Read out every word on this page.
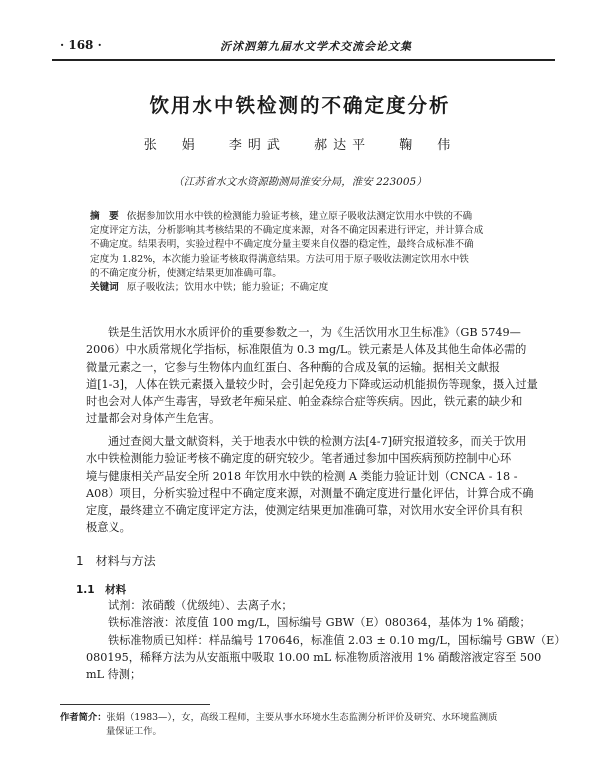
· 168 ·	沂沭泗第九届水文学术交流会论文集
饮用水中铁检测的不确定度分析
张　娟 李明武 郝达平 鞠　伟
（江苏省水文水资源勘测局淮安分局，淮安 223005）

摘　要 依据参加饮用水中铁的检测能力验证考核，建立原子吸收法测定饮用水中铁的不确

定度评定方法，分析影响其考核结果的不确定度来源，对各不确定因素进行评定，并计算合成

不确定度。结果表明，实验过程中不确定度分量主要来自仪器的稳定性，最终合成标准不确

定度为 1.82%，本次能力验证考核取得满意结果。方法可用于原子吸收法测定饮用水中铁

的不确定度分析，使测定结果更加准确可靠。

关键词 原子吸收法；饮用水中铁；能力验证；不确定度

铁是生活饮用水水质评价的重要参数之一，为《生活饮用水卫生标准》（GB 5749—

2006）中水质常规化学指标，标准限值为 0.3 mg/L。铁元素是人体及其他生命体必需的

微量元素之一，它参与生物体内血红蛋白、各种酶的合成及氧的运输。据相关文献报

道[1-3]，人体在铁元素摄入量较少时，会引起免疫力下降或运动机能损伤等现象，摄入过量

时也会对人体产生毒害，导致老年痴呆症、帕金森综合症等疾病。因此，铁元素的缺少和

过量都会对身体产生危害。

通过查阅大量文献资料，关于地表水中铁的检测方法[4-7]研究报道较多，而关于饮用

水中铁检测能力验证考核不确定度的研究较少。笔者通过参加中国疾病预防控制中心环

境与健康相关产品安全所 2018 年饮用水中铁的检测 A 类能力验证计划（CNCA - 18 -

A08）项目，分析实验过程中不确定度来源，对测量不确定度进行量化评估，计算合成不确

定度，最终建立不确定度评定方法，使测定结果更加准确可靠，对饮用水安全评价具有积

极意义。

1　材料与方法
1.1　材料

试剂：浓硝酸（优级纯）、去离子水；

铁标准溶液：浓度值 100 mg/L，国标编号 GBW（E）080364，基体为 1% 硝酸；

铁标准物质已知样：样品编号 170646，标准值 2.03 ± 0.10 mg/L，国标编号 GBW（E）

080195，稀释方法为从安瓿瓶中吸取 10.00 mL 标准物质溶液用 1% 硝酸溶液定容至 500

mL 待测；

作者简介：张娟（1983—），女，高级工程师，主要从事水环境水生态监测分析评价及研究、水环境监测质

量保证工作。
